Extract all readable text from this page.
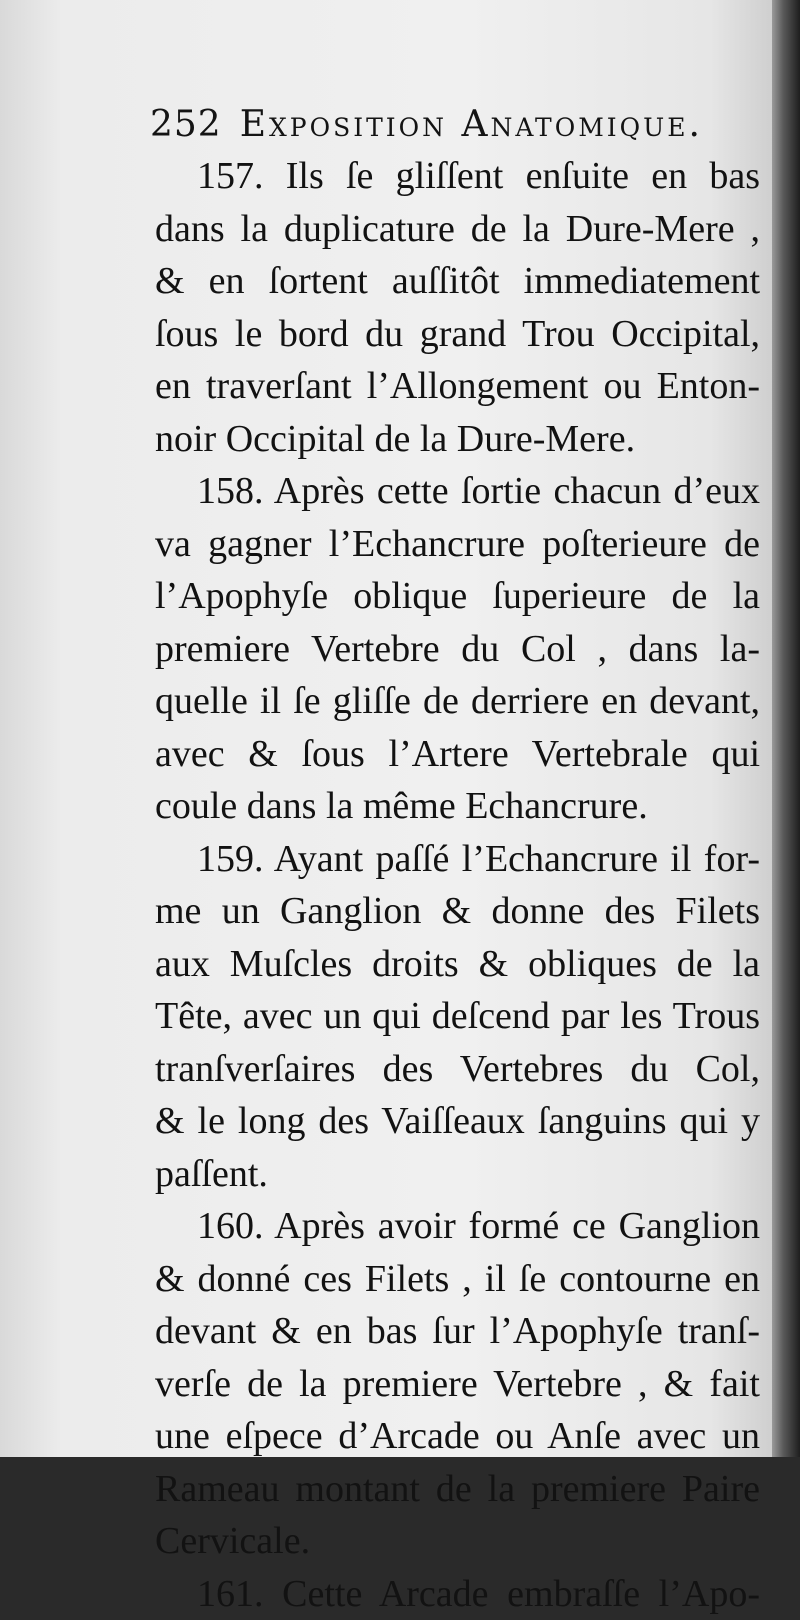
252 Exposition Anatomique.
157. Ils ſe gliſſent enſuite en bas
dans la duplicature de la Dure-Mere ,
& en ſortent auſſitôt immediatement
ſous le bord du grand Trou Occipital,
en traverſant l’Allongement ou Enton-
noir Occipital de la Dure-Mere.
158. Après cette ſortie chacun d’eux
va gagner l’Echancrure poſterieure de
l’Apophyſe oblique ſuperieure de la
premiere Vertebre du Col , dans la-
quelle il ſe gliſſe de derriere en devant,
avec & ſous l’Artere Vertebrale qui
coule dans la même Echancrure.
159. Ayant paſſé l’Echancrure il for-
me un Ganglion & donne des Filets
aux Muſcles droits & obliques de la
Tête, avec un qui deſcend par les Trous
tranſverſaires des Vertebres du Col,
& le long des Vaiſſeaux ſanguins qui y
paſſent.
160. Après avoir formé ce Ganglion
& donné ces Filets , il ſe contourne en
devant & en bas ſur l’Apophyſe tranſ-
verſe de la premiere Vertebre , & fait
une eſpece d’Arcade ou Anſe avec un
Rameau montant de la premiere Paire
Cervicale.
161. Cette Arcade embraſſe l’Apo-
